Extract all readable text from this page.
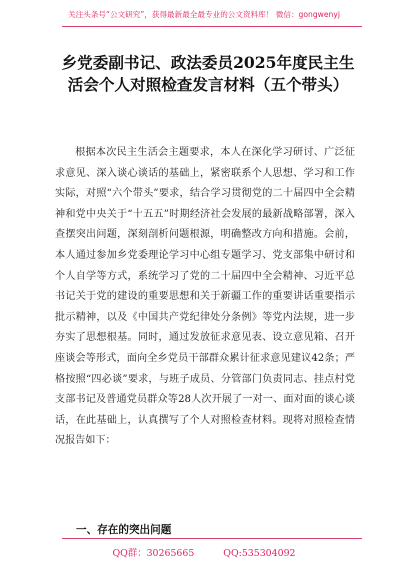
关注头条号“公文研究”，获得最新最全最专业的公文资料库！ 微信：gongwenyj
乡党委副书记、政法委员2025年度民主生活会个人对照检查发言材料（五个带头）

根据本次民主生活会主题要求，本人在深化学习研讨、广泛征求意见、深入谈心谈话的基础上，紧密联系个人思想、学习和工作实际，对照“六个带头”要求，结合学习贯彻党的二十届四中全会精神和党中央关于“十五五”时期经济社会发展的最新战略部署，深入查摆突出问题，深刻剖析问题根源，明确整改方向和措施。会前，本人通过参加乡党委理论学习中心组专题学习、党支部集中研讨和个人自学等方式，系统学习了党的二十届四中全会精神、习近平总书记关于党的建设的重要思想和关于新疆工作的重要讲话重要指示批示精神，以及《中国共产党纪律处分条例》等党内法规，进一步夯实了思想根基。同时，通过发放征求意见表、设立意见箱、召开座谈会等形式，面向全乡党员干部群众累计征求意见建议42条；严格按照“四必谈”要求，与班子成员、分管部门负责同志、挂点村党支部书记及普通党员群众等28人次开展了一对一、面对面的谈心谈话，在此基础上，认真撰写了个人对照检查材料。现将对照检查情况报告如下：

一、存在的突出问题
QQ群：30265665	QQ:535304092
